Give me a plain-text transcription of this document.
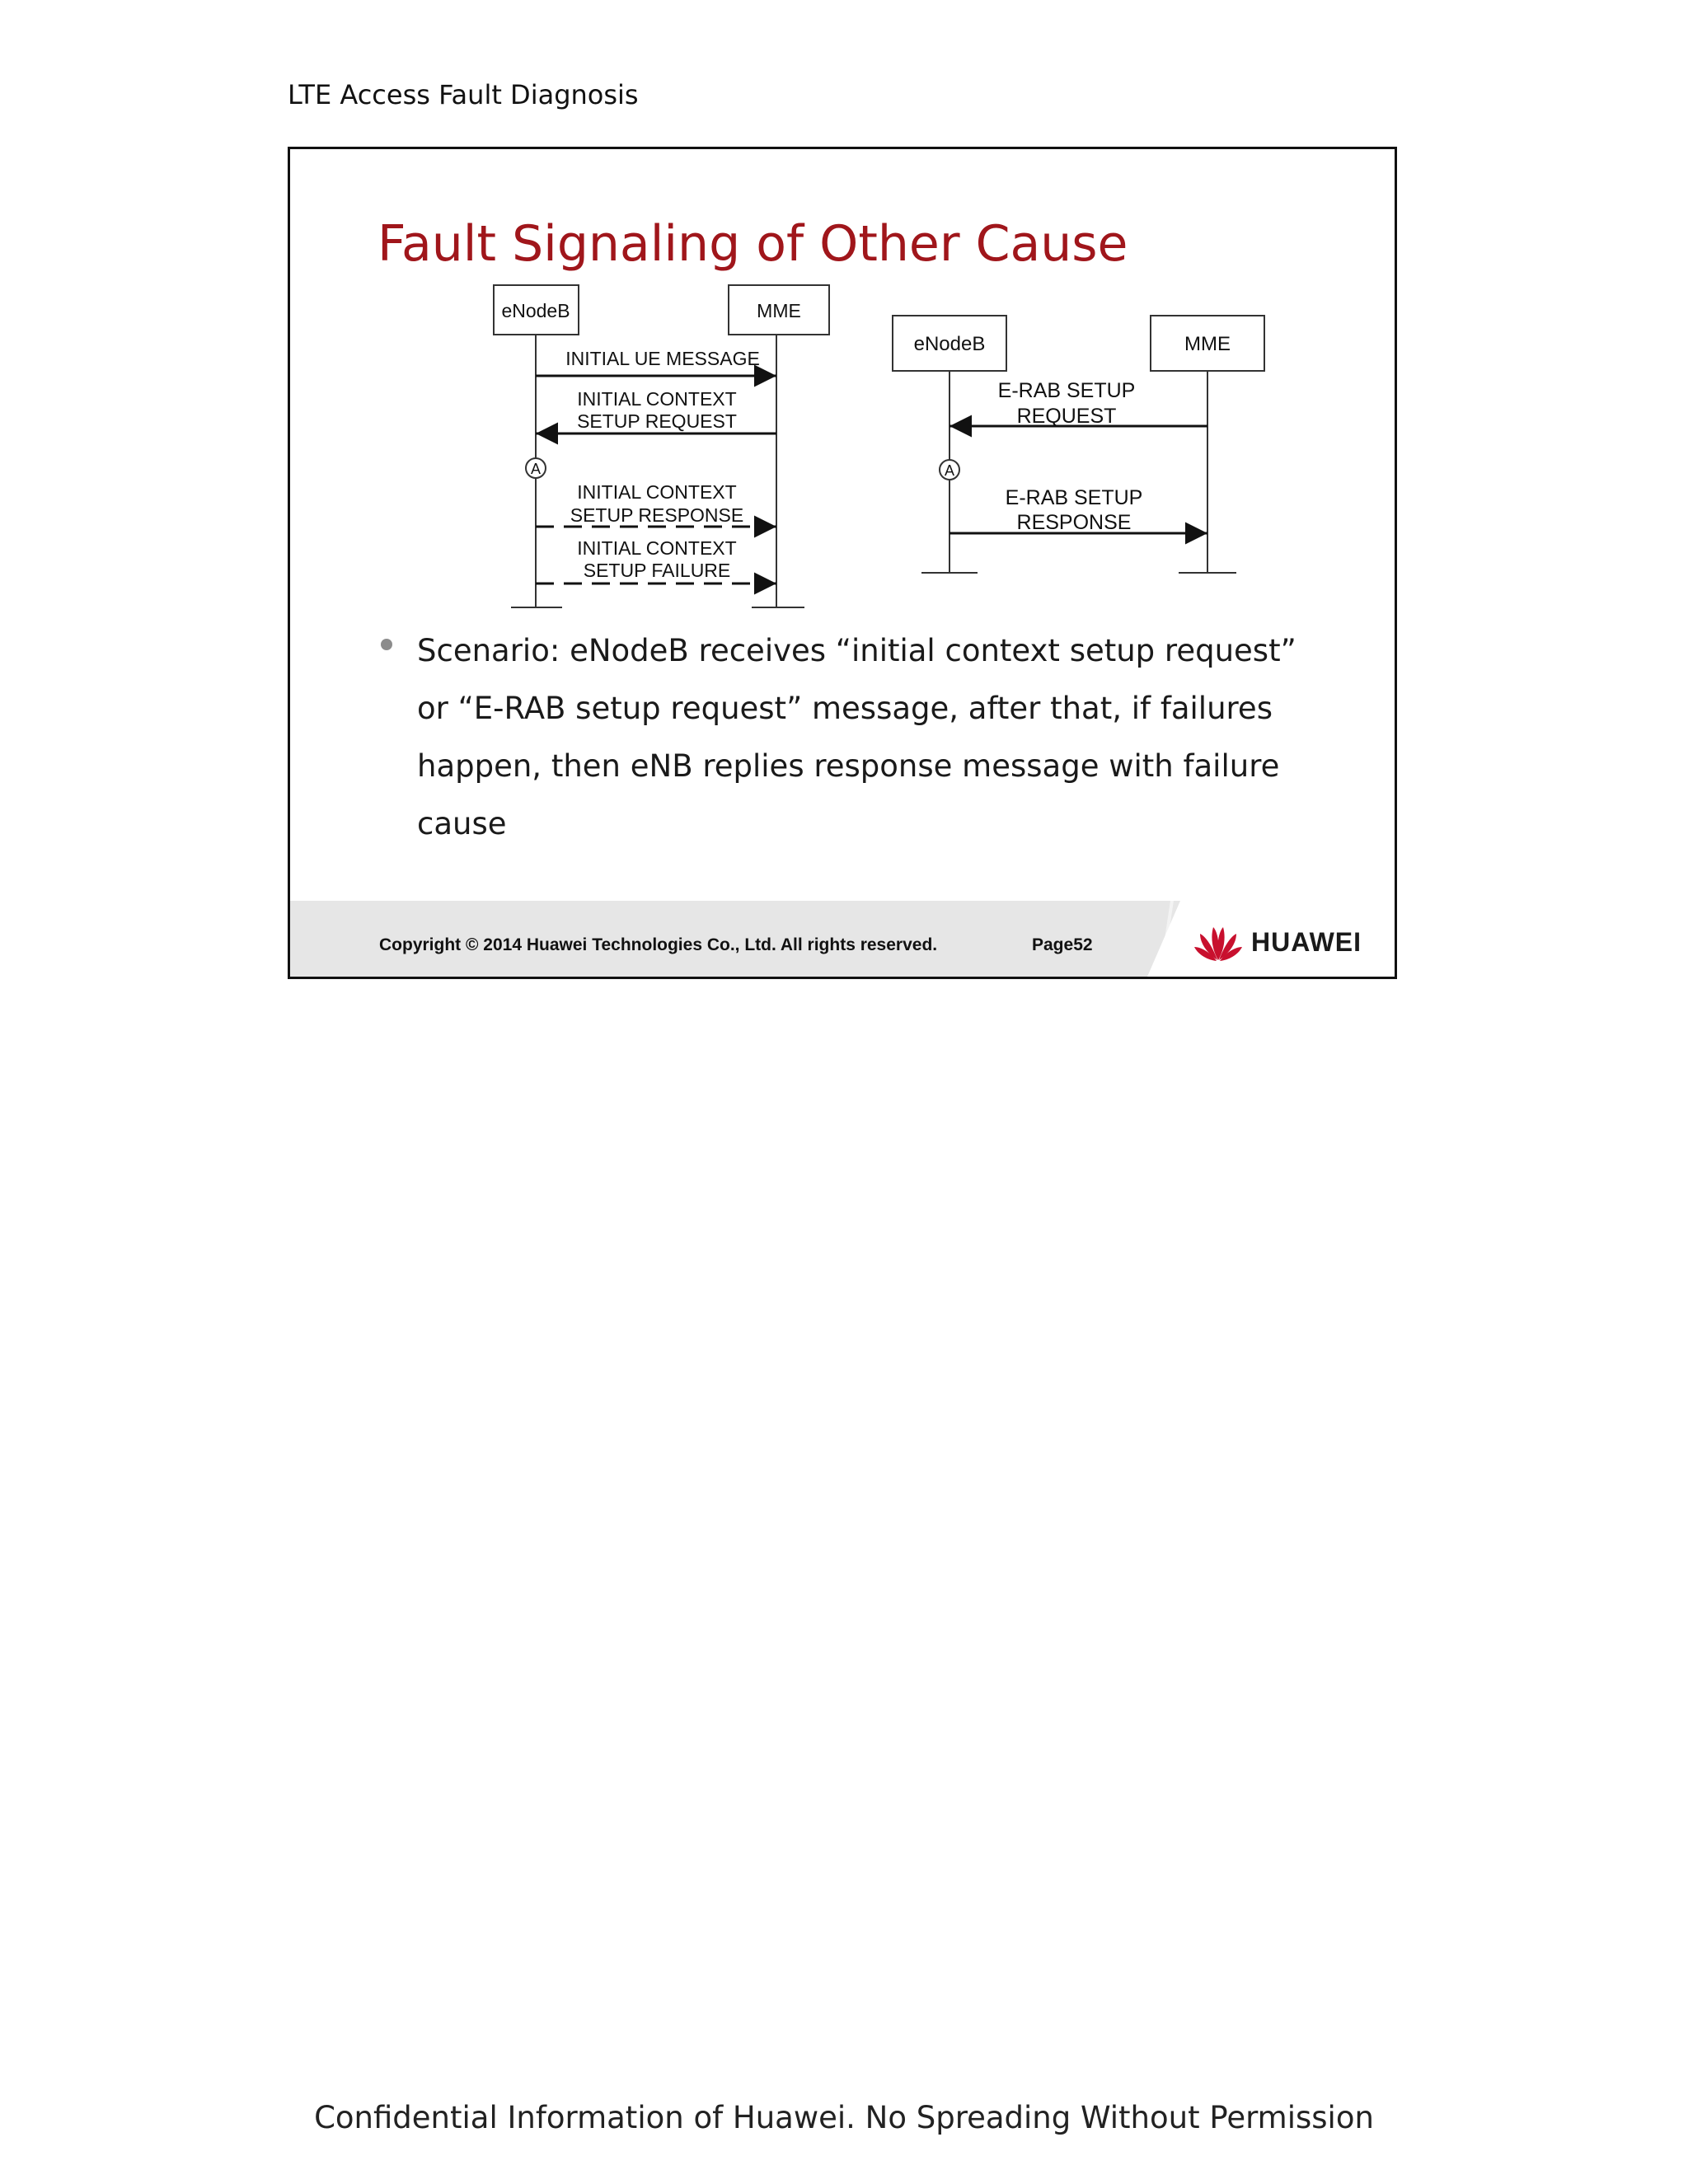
LTE Access Fault Diagnosis
Fault Signaling of Other Cause
eNodeB	MME
INITIAL UE MESSAGE
INITIAL CONTEXT
SETUP REQUEST
A
INITIAL CONTEXT
SETUP RESPONSE
INITIAL CONTEXT
SETUP FAILURE
eNodeB	MME
E-RAB SETUP
REQUEST
A
E-RAB SETUP
RESPONSE
Scenario: eNodeB receives “initial context setup request” or “E-RAB setup request” message, after that, if failures happen, then eNB replies response message with failure cause
Copyright © 2014 Huawei Technologies Co., Ltd. All rights reserved.	Page52	HUAWEI
Confidential Information of Huawei. No Spreading Without Permission
